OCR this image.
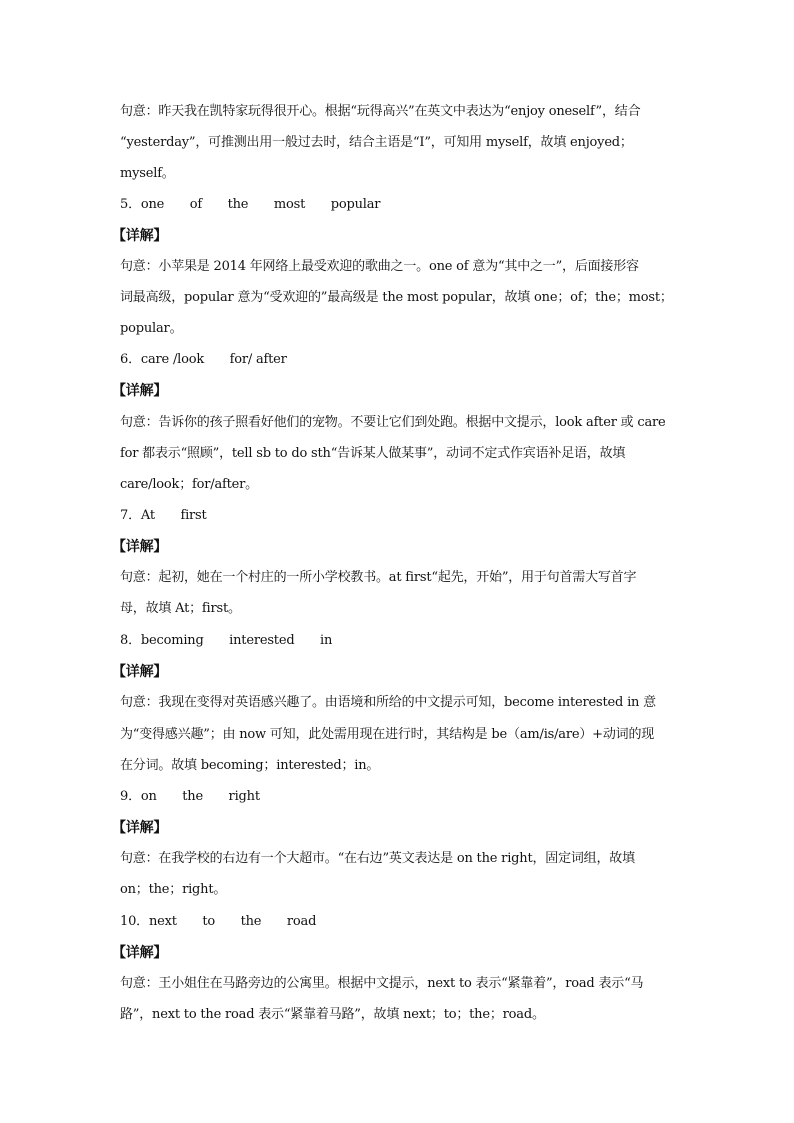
句意：昨天我在凯特家玩得很开心。根据“玩得高兴”在英文中表达为“enjoy oneself”，结合
“yesterday”，可推测出用一般过去时，结合主语是“I”，可知用 myself，故填 enjoyed；
myself。
5．one　　of　　the　　most　　popular
【详解】
句意：小苹果是 2014 年网络上最受欢迎的歌曲之一。one of 意为“其中之一”，后面接形容
词最高级，popular 意为“受欢迎的”最高级是 the most popular，故填 one；of；the；most；
popular。
6．care /look　　for/ after
【详解】
句意：告诉你的孩子照看好他们的宠物。不要让它们到处跑。根据中文提示，look after 或 care
for 都表示“照顾”，tell sb to do sth“告诉某人做某事”，动词不定式作宾语补足语，故填
care/look；for/after。
7．At　　first
【详解】
句意：起初，她在一个村庄的一所小学校教书。at first“起先，开始”，用于句首需大写首字
母，故填 At；first。
8．becoming　　interested　　in
【详解】
句意：我现在变得对英语感兴趣了。由语境和所给的中文提示可知，become interested in 意
为“变得感兴趣”；由 now 可知，此处需用现在进行时，其结构是 be（am/is/are）+动词的现
在分词。故填 becoming；interested；in。
9．on　　the　　right
【详解】
句意：在我学校的右边有一个大超市。“在右边”英文表达是 on the right，固定词组，故填
on；the；right。
10．next　　to　　the　　road
【详解】
句意：王小姐住在马路旁边的公寓里。根据中文提示，next to 表示“紧靠着”，road 表示“马
路”，next to the road 表示“紧靠着马路”，故填 next；to；the；road。
